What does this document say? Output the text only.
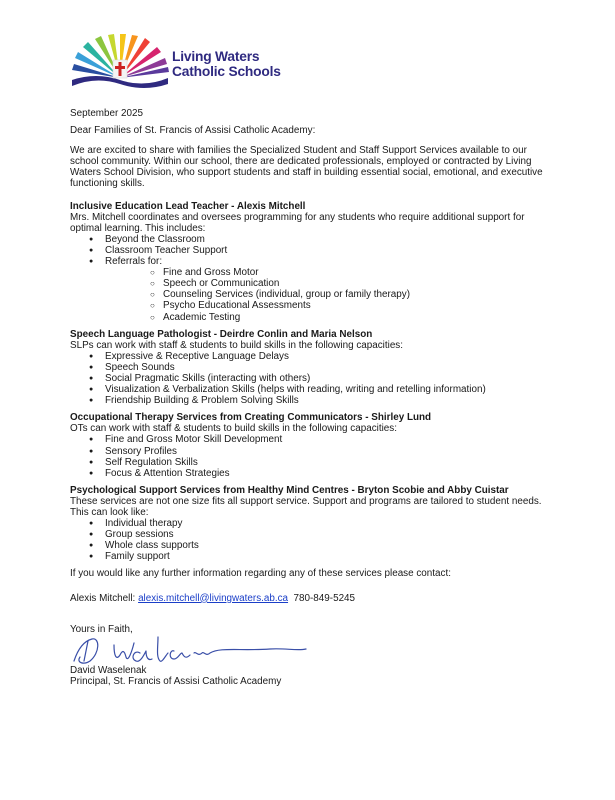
Living Waters
Catholic Schools

September 2025

Dear Families of St. Francis of Assisi Catholic Academy:

We are excited to share with families the Specialized Student and Staff Support Services available to our school community. Within our school, there are dedicated professionals, employed or contracted by Living Waters School Division, who support students and staff in building essential social, emotional, and executive functioning skills.

Inclusive Education Lead Teacher - Alexis Mitchell

Mrs. Mitchell coordinates and oversees programming for any students who require additional support for optimal learning. This includes:

● Beyond the Classroom
● Classroom Teacher Support
● Referrals for:
○ Fine and Gross Motor
○ Speech or Communication
○ Counseling Services (individual, group or family therapy)
○ Psycho Educational Assessments
○ Academic Testing

Speech Language Pathologist - Deirdre Conlin and Maria Nelson

SLPs can work with staff & students to build skills in the following capacities:

● Expressive & Receptive Language Delays
● Speech Sounds
● Social Pragmatic Skills (interacting with others)
● Visualization & Verbalization Skills (helps with reading, writing and retelling information)
● Friendship Building & Problem Solving Skills

Occupational Therapy Services from Creating Communicators - Shirley Lund

OTs can work with staff & students to build skills in the following capacities:

● Fine and Gross Motor Skill Development
● Sensory Profiles
● Self Regulation Skills
● Focus & Attention Strategies

Psychological Support Services from Healthy Mind Centres - Bryton Scobie and Abby Cuistar

These services are not one size fits all support service. Support and programs are tailored to student needs. This can look like:

● Individual therapy
● Group sessions
● Whole class supports
● Family support

If you would like any further information regarding any of these services please contact:

Alexis Mitchell: alexis.mitchell@livingwaters.ab.ca 780-849-5245

Yours in Faith,

David Waselenak

Principal, St. Francis of Assisi Catholic Academy
